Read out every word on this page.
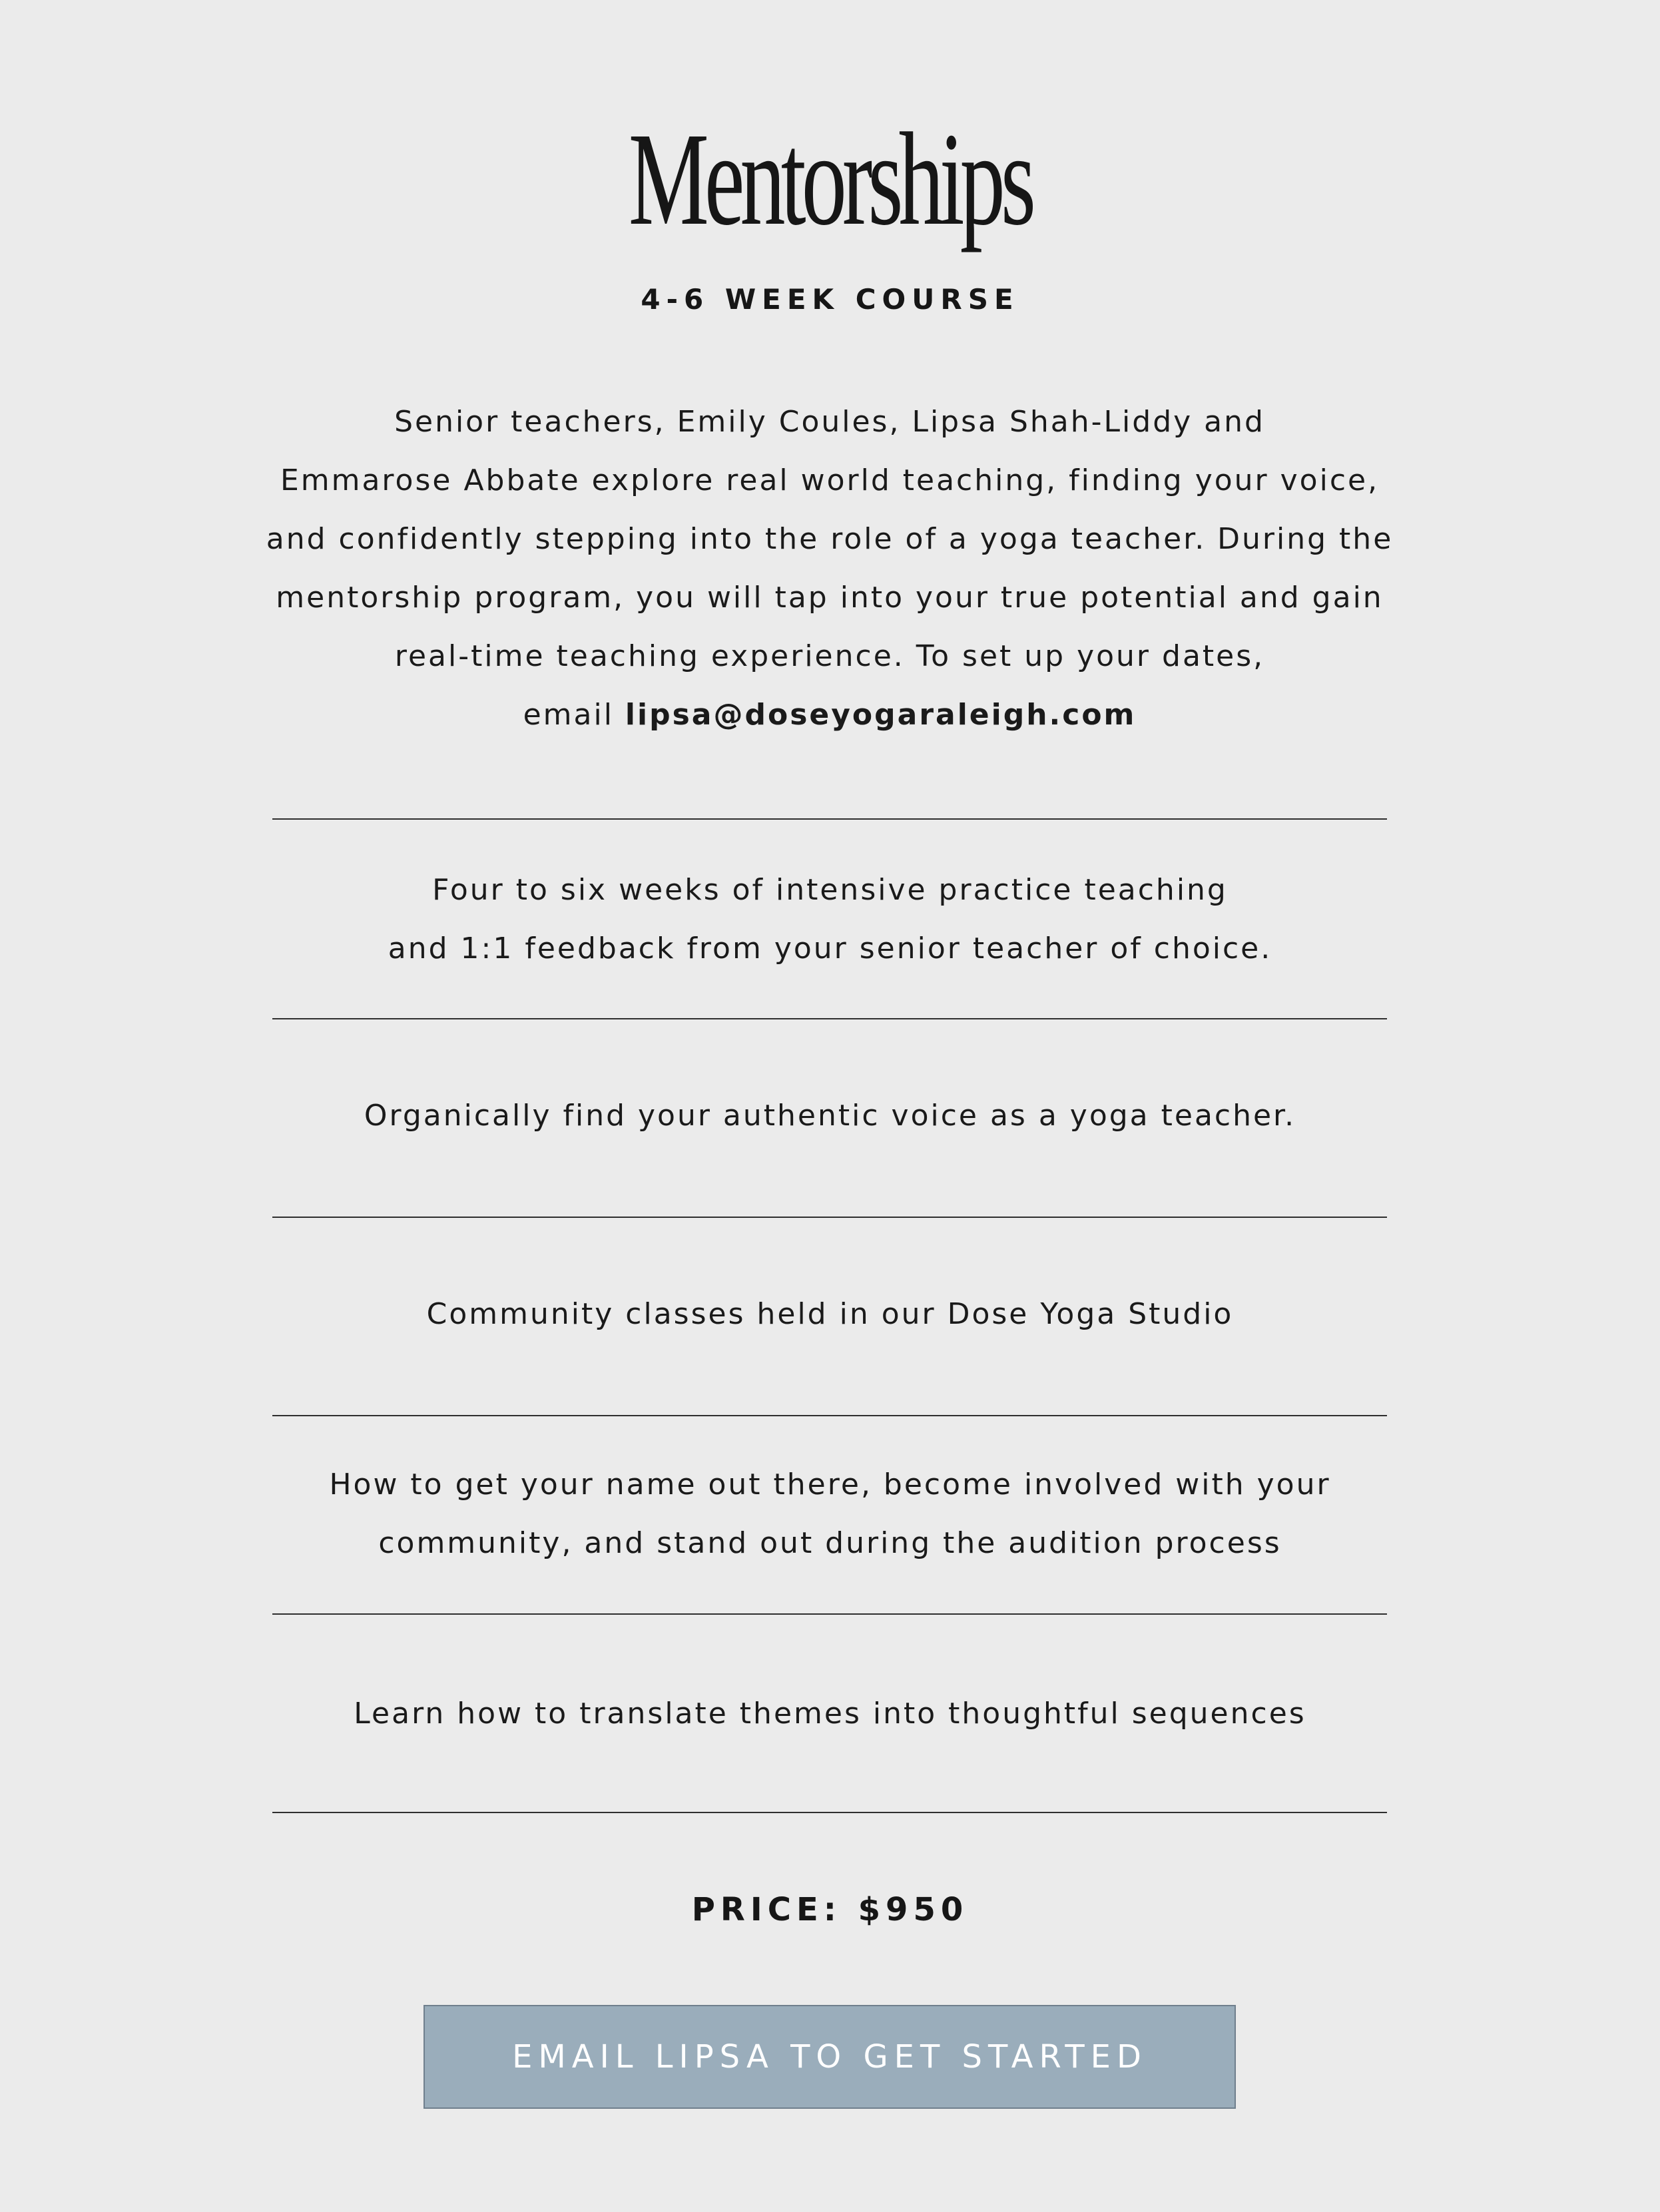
Mentorships
4-6 WEEK COURSE
Senior teachers, Emily Coules, Lipsa Shah-Liddy and
Emmarose Abbate explore real world teaching, finding your voice,
and confidently stepping into the role of a yoga teacher. During the
mentorship program, you will tap into your true potential and gain
real-time teaching experience. To set up your dates,
email lipsa@doseyogaraleigh.com
Four to six weeks of intensive practice teaching
and 1:1 feedback from your senior teacher of choice.
Organically find your authentic voice as a yoga teacher.
Community classes held in our Dose Yoga Studio
How to get your name out there, become involved with your
community, and stand out during the audition process
Learn how to translate themes into thoughtful sequences
PRICE: $950
EMAIL LIPSA TO GET STARTED
